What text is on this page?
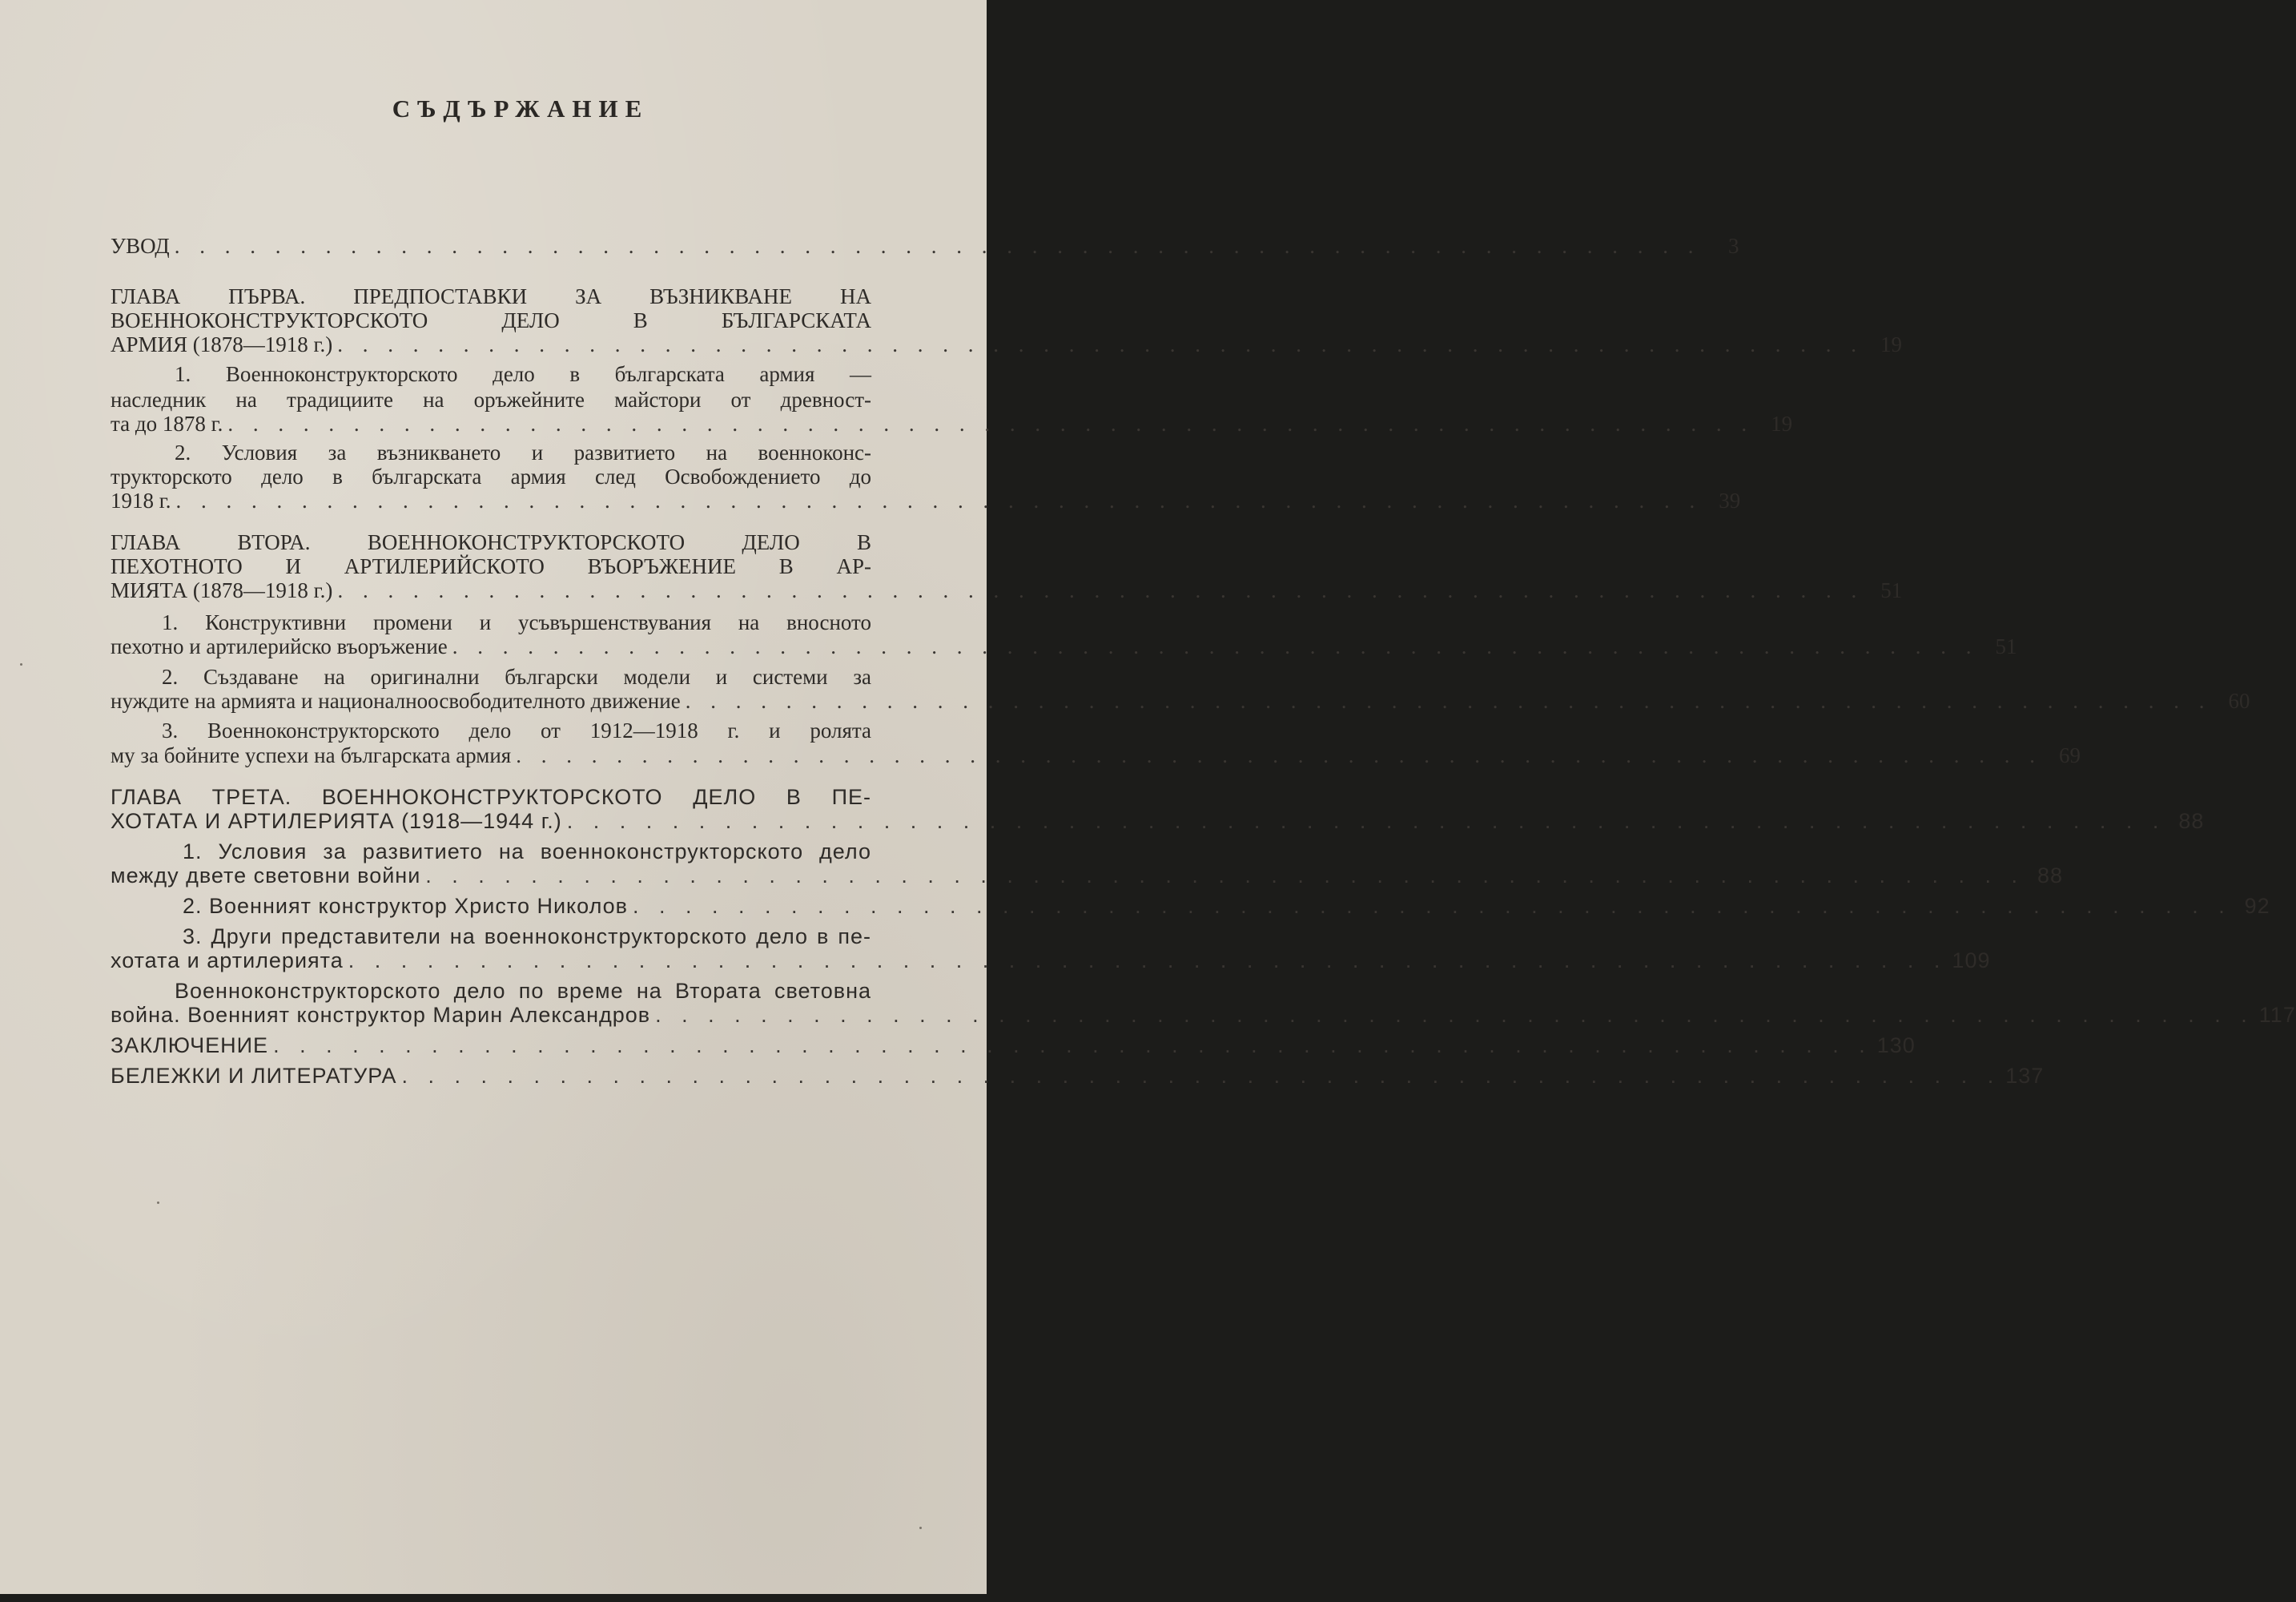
СЪДЪРЖАНИЕ
УВОД . . . . . . . . . . . . . . . . . . . . . . . . . . . . . . . . . . . . . . . . . . . . . . . . . . . . . . . . . . . . .	3
ГЛАВА ПЪРВА. ПРЕДПОСТАВКИ ЗА ВЪЗНИКВАНЕ НА
ВОЕННОКОНСТРУКТОРСКОТО ДЕЛО В БЪЛГАРСКАТА
АРМИЯ (1878—1918 г.) . . . . . . . . . . . . . . . . . . . . . . . . . . . . . . . . . . . . . . . . . . . . . . . . . . . . . . . . . . . . . 19
1. Военноконструкторското дело в българската армия —
наследник на традициите на оръжейните майстори от древност-
та до 1878 г. . . . . . . . . . . . . . . . . . . . . . . . . . . . . . . . . . . . . . . . . . . . . . . . . . . . . . . . . . . . . . 19
2. Условия за възникването и развитието на военноконс-
трукторското дело в българската армия след Освобождението до
1918 г. . . . . . . . . . . . . . . . . . . . . . . . . . . . . . . . . . . . . . . . . . . . . . . . . . . . . . . . . . . . . . 39
ГЛАВА ВТОРА. ВОЕННОКОНСТРУКТОРСКОТО ДЕЛО В
ПЕХОТНОТО И АРТИЛЕРИЙСКОТО ВЪОРЪЖЕНИЕ В АР-
МИЯТА (1878—1918 г.) . . . . . . . . . . . . . . . . . . . . . . . . . . . . . . . . . . . . . . . . . . . . . . . . . . . . . . . . . . . . . 51
1. Конструктивни промени и усъвършенствувания на вносното
пехотно и артилерийско въоръжение . . . . . . . . . . . . . . . . . . . . . . . . . . . . . . . . . . . . . . . . . . . . . . . . . . . . . . . . . . . . . 51
2. Създаване на оригинални български модели и системи за
нуждите на армията и националноосвободителното движение . . . . . . . . . . . . . . . . . . . . . . . . . . . . . . . . . . . . . . . . . . . . . . . . . . . . . . . . . . . . . 60
3. Военноконструкторското дело от 1912—1918 г. и ролята
му за бойните успехи на българската армия . . . . . . . . . . . . . . . . . . . . . . . . . . . . . . . . . . . . . . . . . . . . . . . . . . . . . . . . . . . . . 69
ГЛАВА ТРЕТА. ВОЕННОКОНСТРУКТОРСКОТО ДЕЛО В ПЕ-
ХОТАТА И АРТИЛЕРИЯТА (1918—1944 г.) . . . . . . . . . . . . . . . . . . . . . . . . . . . . . . . . . . . . . . . . . . . . . . . . . . . . . . . . . . . . . 88
1. Условия за развитието на военноконструкторското дело
между двете световни войни . . . . . . . . . . . . . . . . . . . . . . . . . . . . . . . . . . . . . . . . . . . . . . . . . . . . . . . . . . . . . 88
2. Военният конструктор Христо Николов . . . . . . . . . . . . . . . . . . . . . . . . . . . . . . . . . . . . . . . . . . . . . . . . . . . . . . . . . . . . . 92
3. Други представители на военноконструкторското дело в пе-
хотата и артилерията . . . . . . . . . . . . . . . . . . . . . . . . . . . . . . . . . . . . . . . . . . . . . . . . . . . . . . . . . . . . . 109
Военноконструкторското дело по време на Втората световна
война. Военният конструктор Марин Александров . . . . . . . . . . . . . . . . . . . . . . . . . . . . . . . . . . . . . . . . . . . . . . . . . . . . . . . . . . . . . 117
ЗАКЛЮЧЕНИЕ . . . . . . . . . . . . . . . . . . . . . . . . . . . . . . . . . . . . . . . . . . . . . . . . . . . . . . . . . . . . . 130
БЕЛЕЖКИ И ЛИТЕРАТУРА . . . . . . . . . . . . . . . . . . . . . . . . . . . . . . . . . . . . . . . . . . . . . . . . . . . . . . . . . . . . . 137
